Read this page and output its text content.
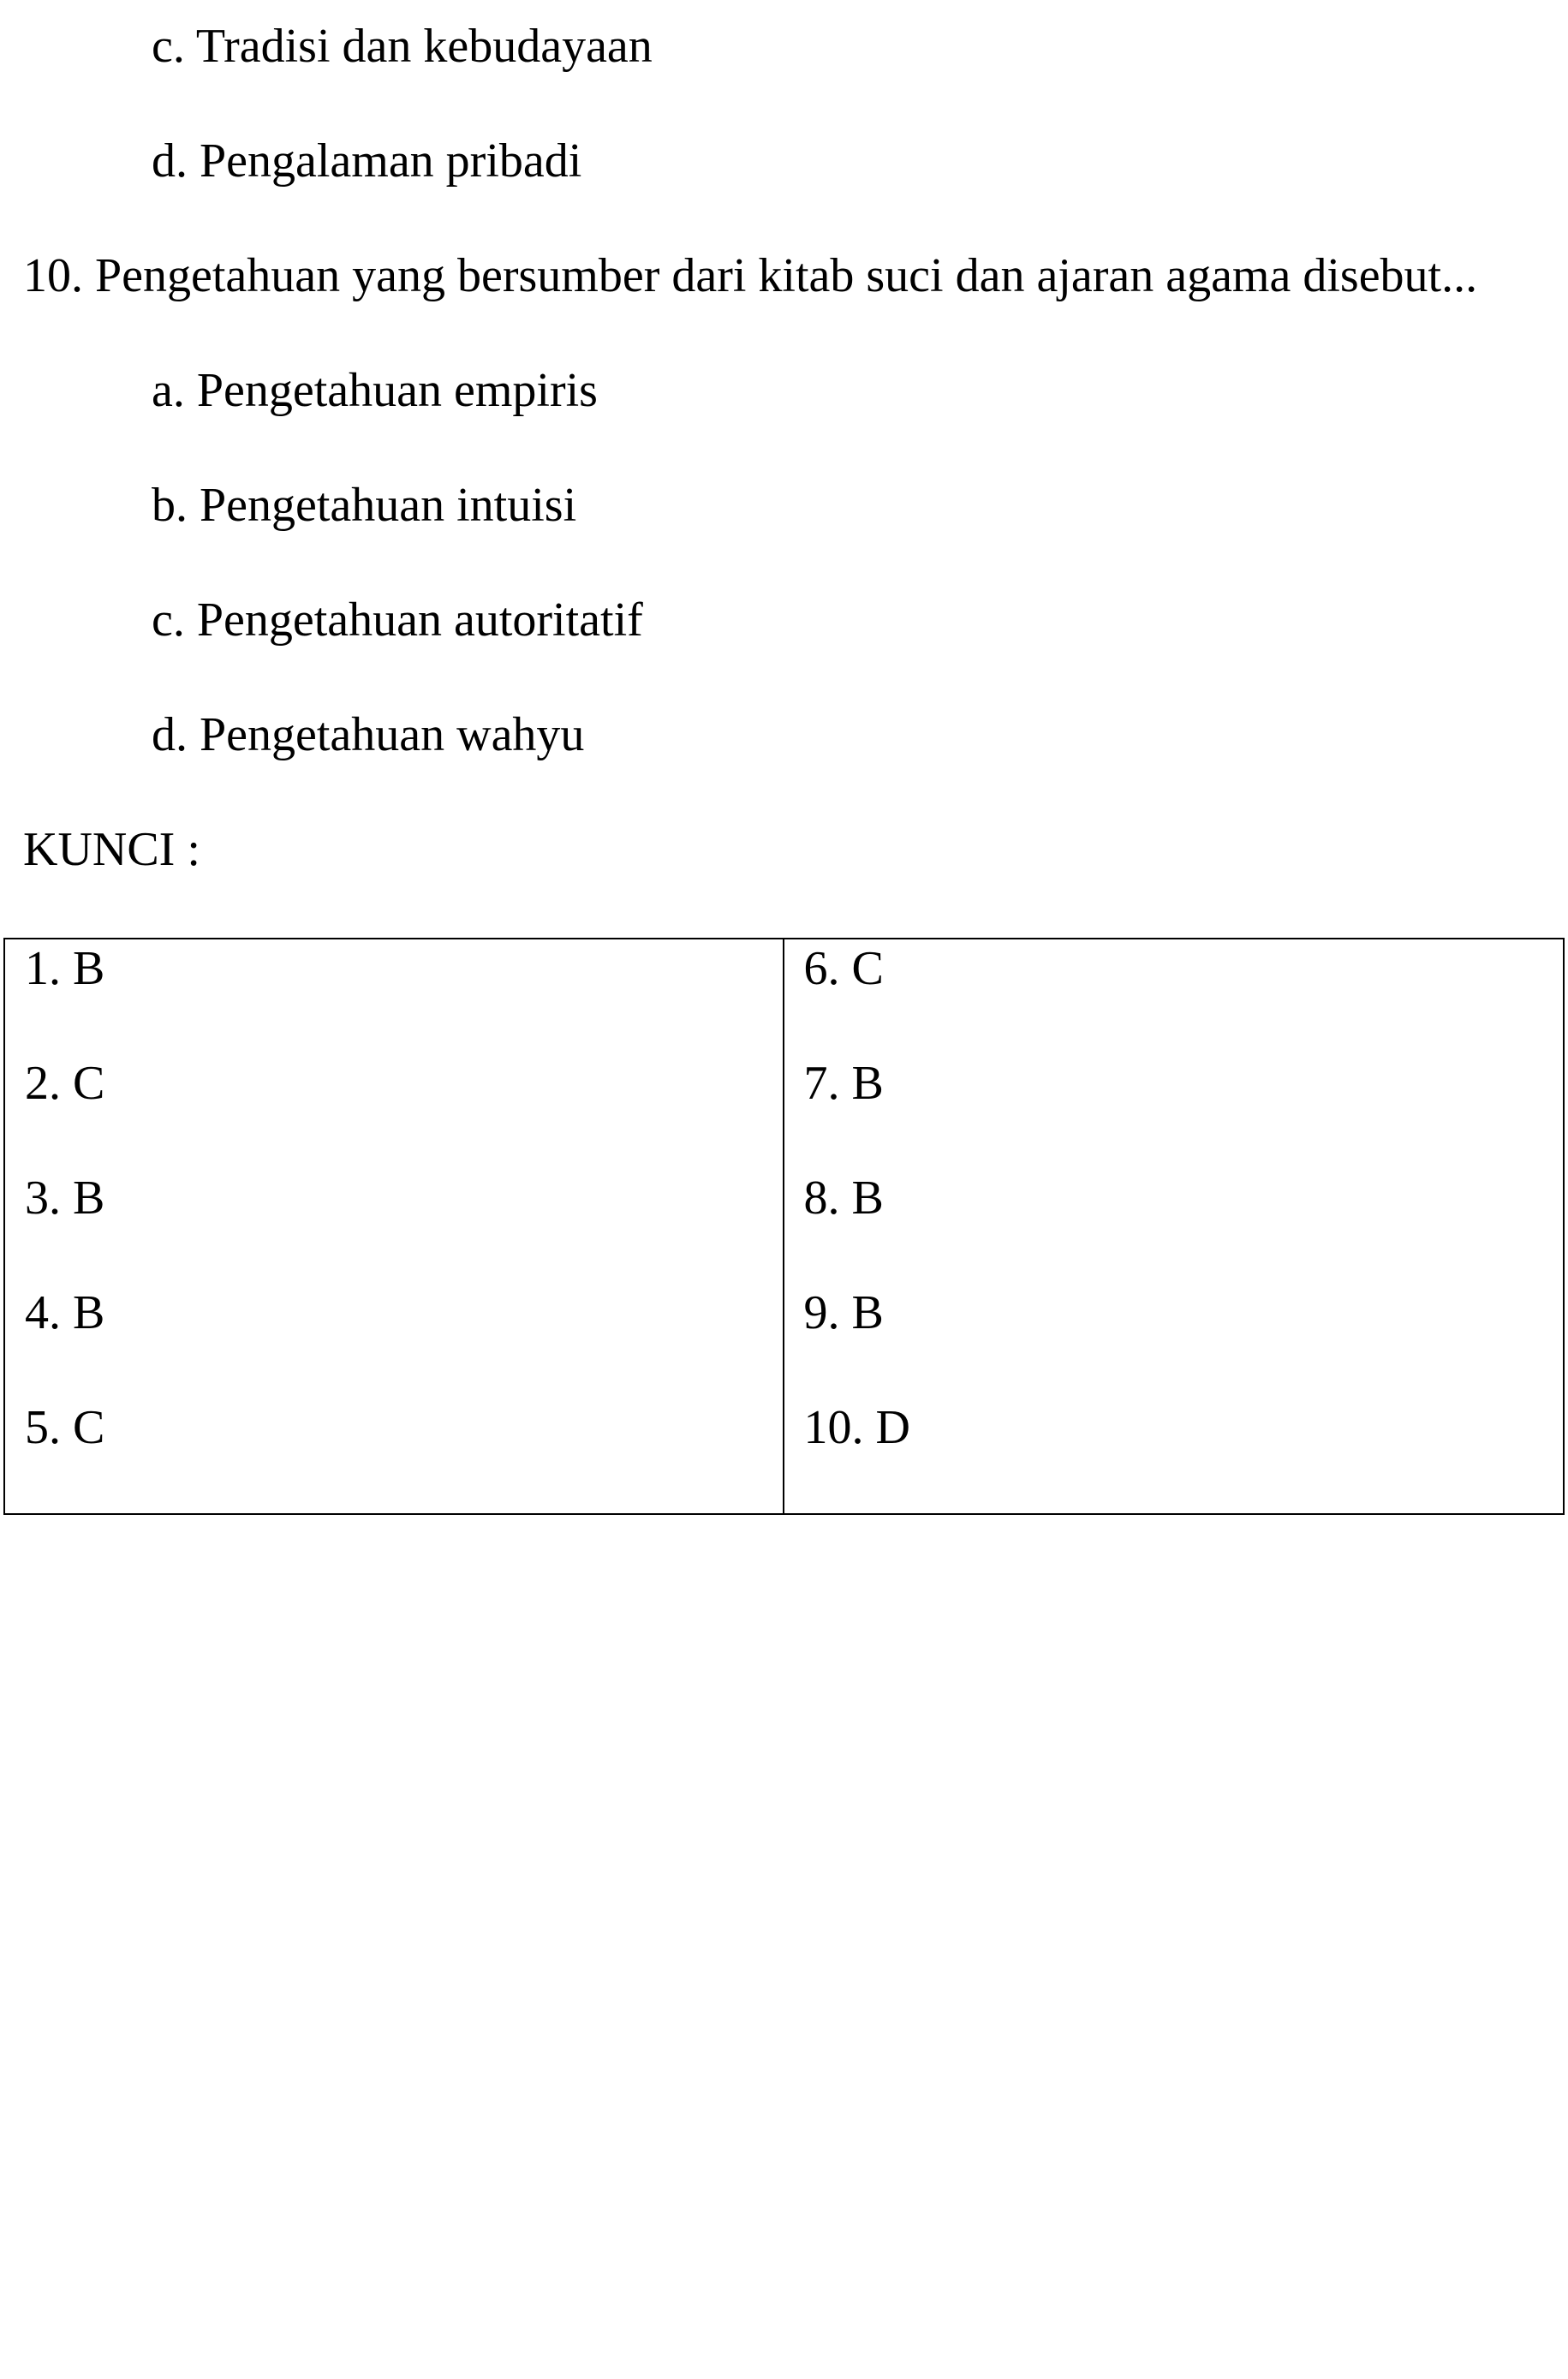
c. Tradisi dan kebudayaan
d. Pengalaman pribadi
10. Pengetahuan yang bersumber dari kitab suci dan ajaran agama disebut...
a. Pengetahuan empiris
b. Pengetahuan intuisi
c. Pengetahuan autoritatif
d. Pengetahuan wahyu
KUNCI :
1. B
2. C
3. B
4. B
5. C
6. C
7. B
8. B
9. B
10. D
